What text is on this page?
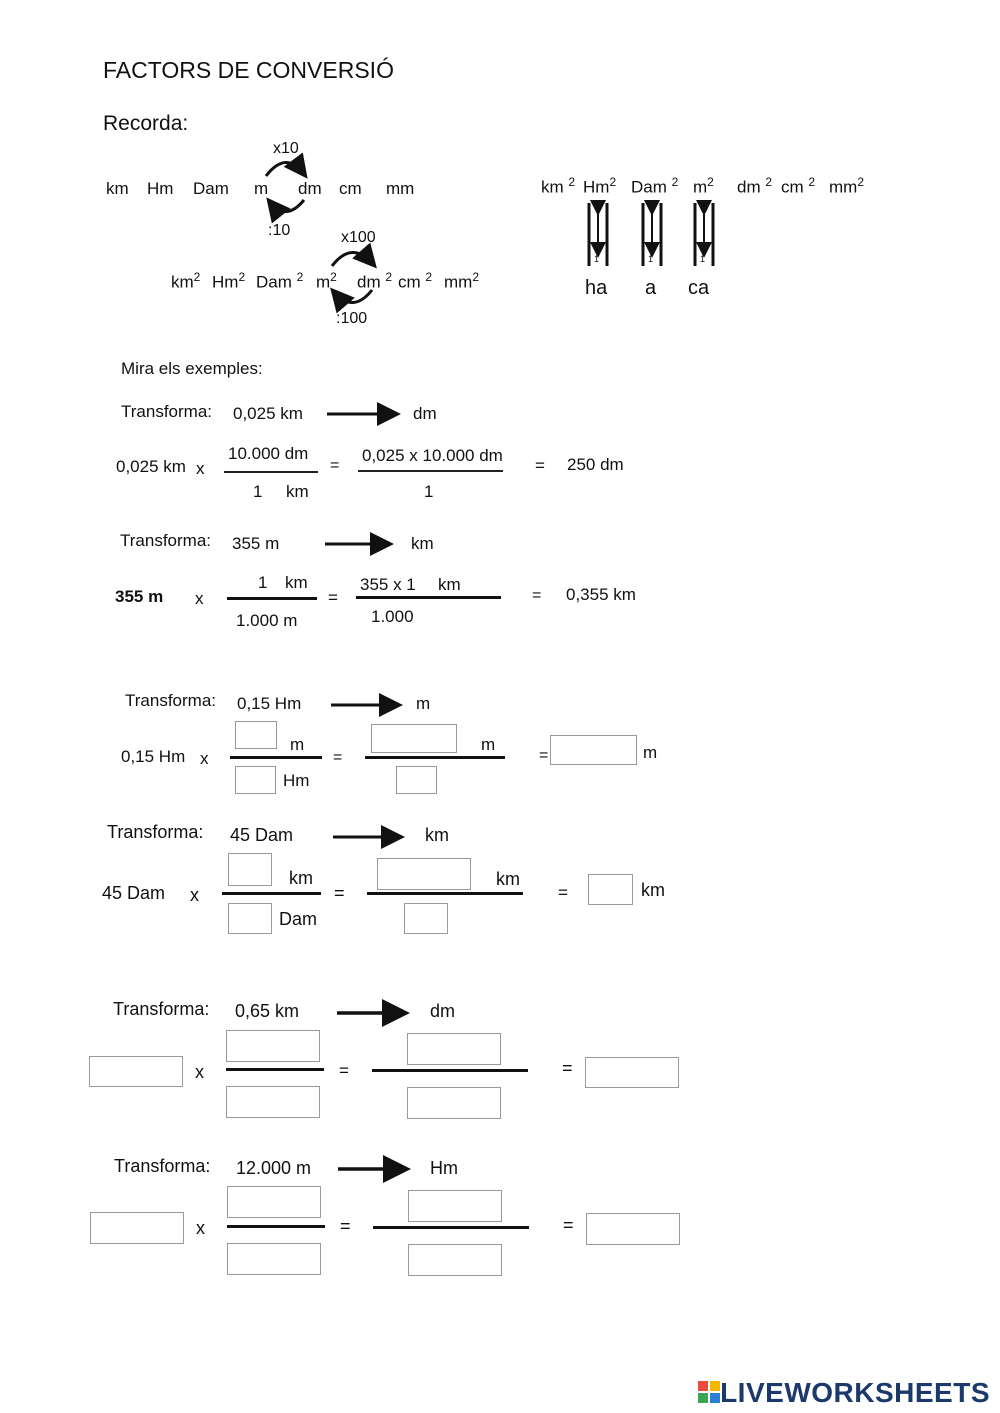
FACTORS DE CONVERSIÓ
Recorda:
km Hm Dam m dm cm mm
x10
:10
$km^2$ Hm$^2$ Dam $^2$ $m^2$ dm $^2$ cm $^2$ $mm^2$
x100
:100
km $^2$ Hm$^2$ Dam $^2$ $m^2$ dm $^2$ cm $^2$ $mm^2$
1
1
1
1
1
1
ha a ca
Mira els exemples:
Transforma: 0,025 km	dm
0,025 km x
10.000 dm
1 km
=
0,025 x 10.000 dm
1
= 250 dm
Transforma: 355 m	km
355 m x
1 km
1.000 m
=
355 x 1 km
1.000
= 0,355 km
Transforma: 0,15 Hm	m
0,15 Hm x
m
Hm
=
m
=	m
Transforma: 45 Dam	km
45 Dam x
km
Dam
=
km
=	km
Transforma: 0,65 km	dm
x	=	=
Transforma: 12.000 m	Hm
x	=	=
LIVEWORKSHEETS
